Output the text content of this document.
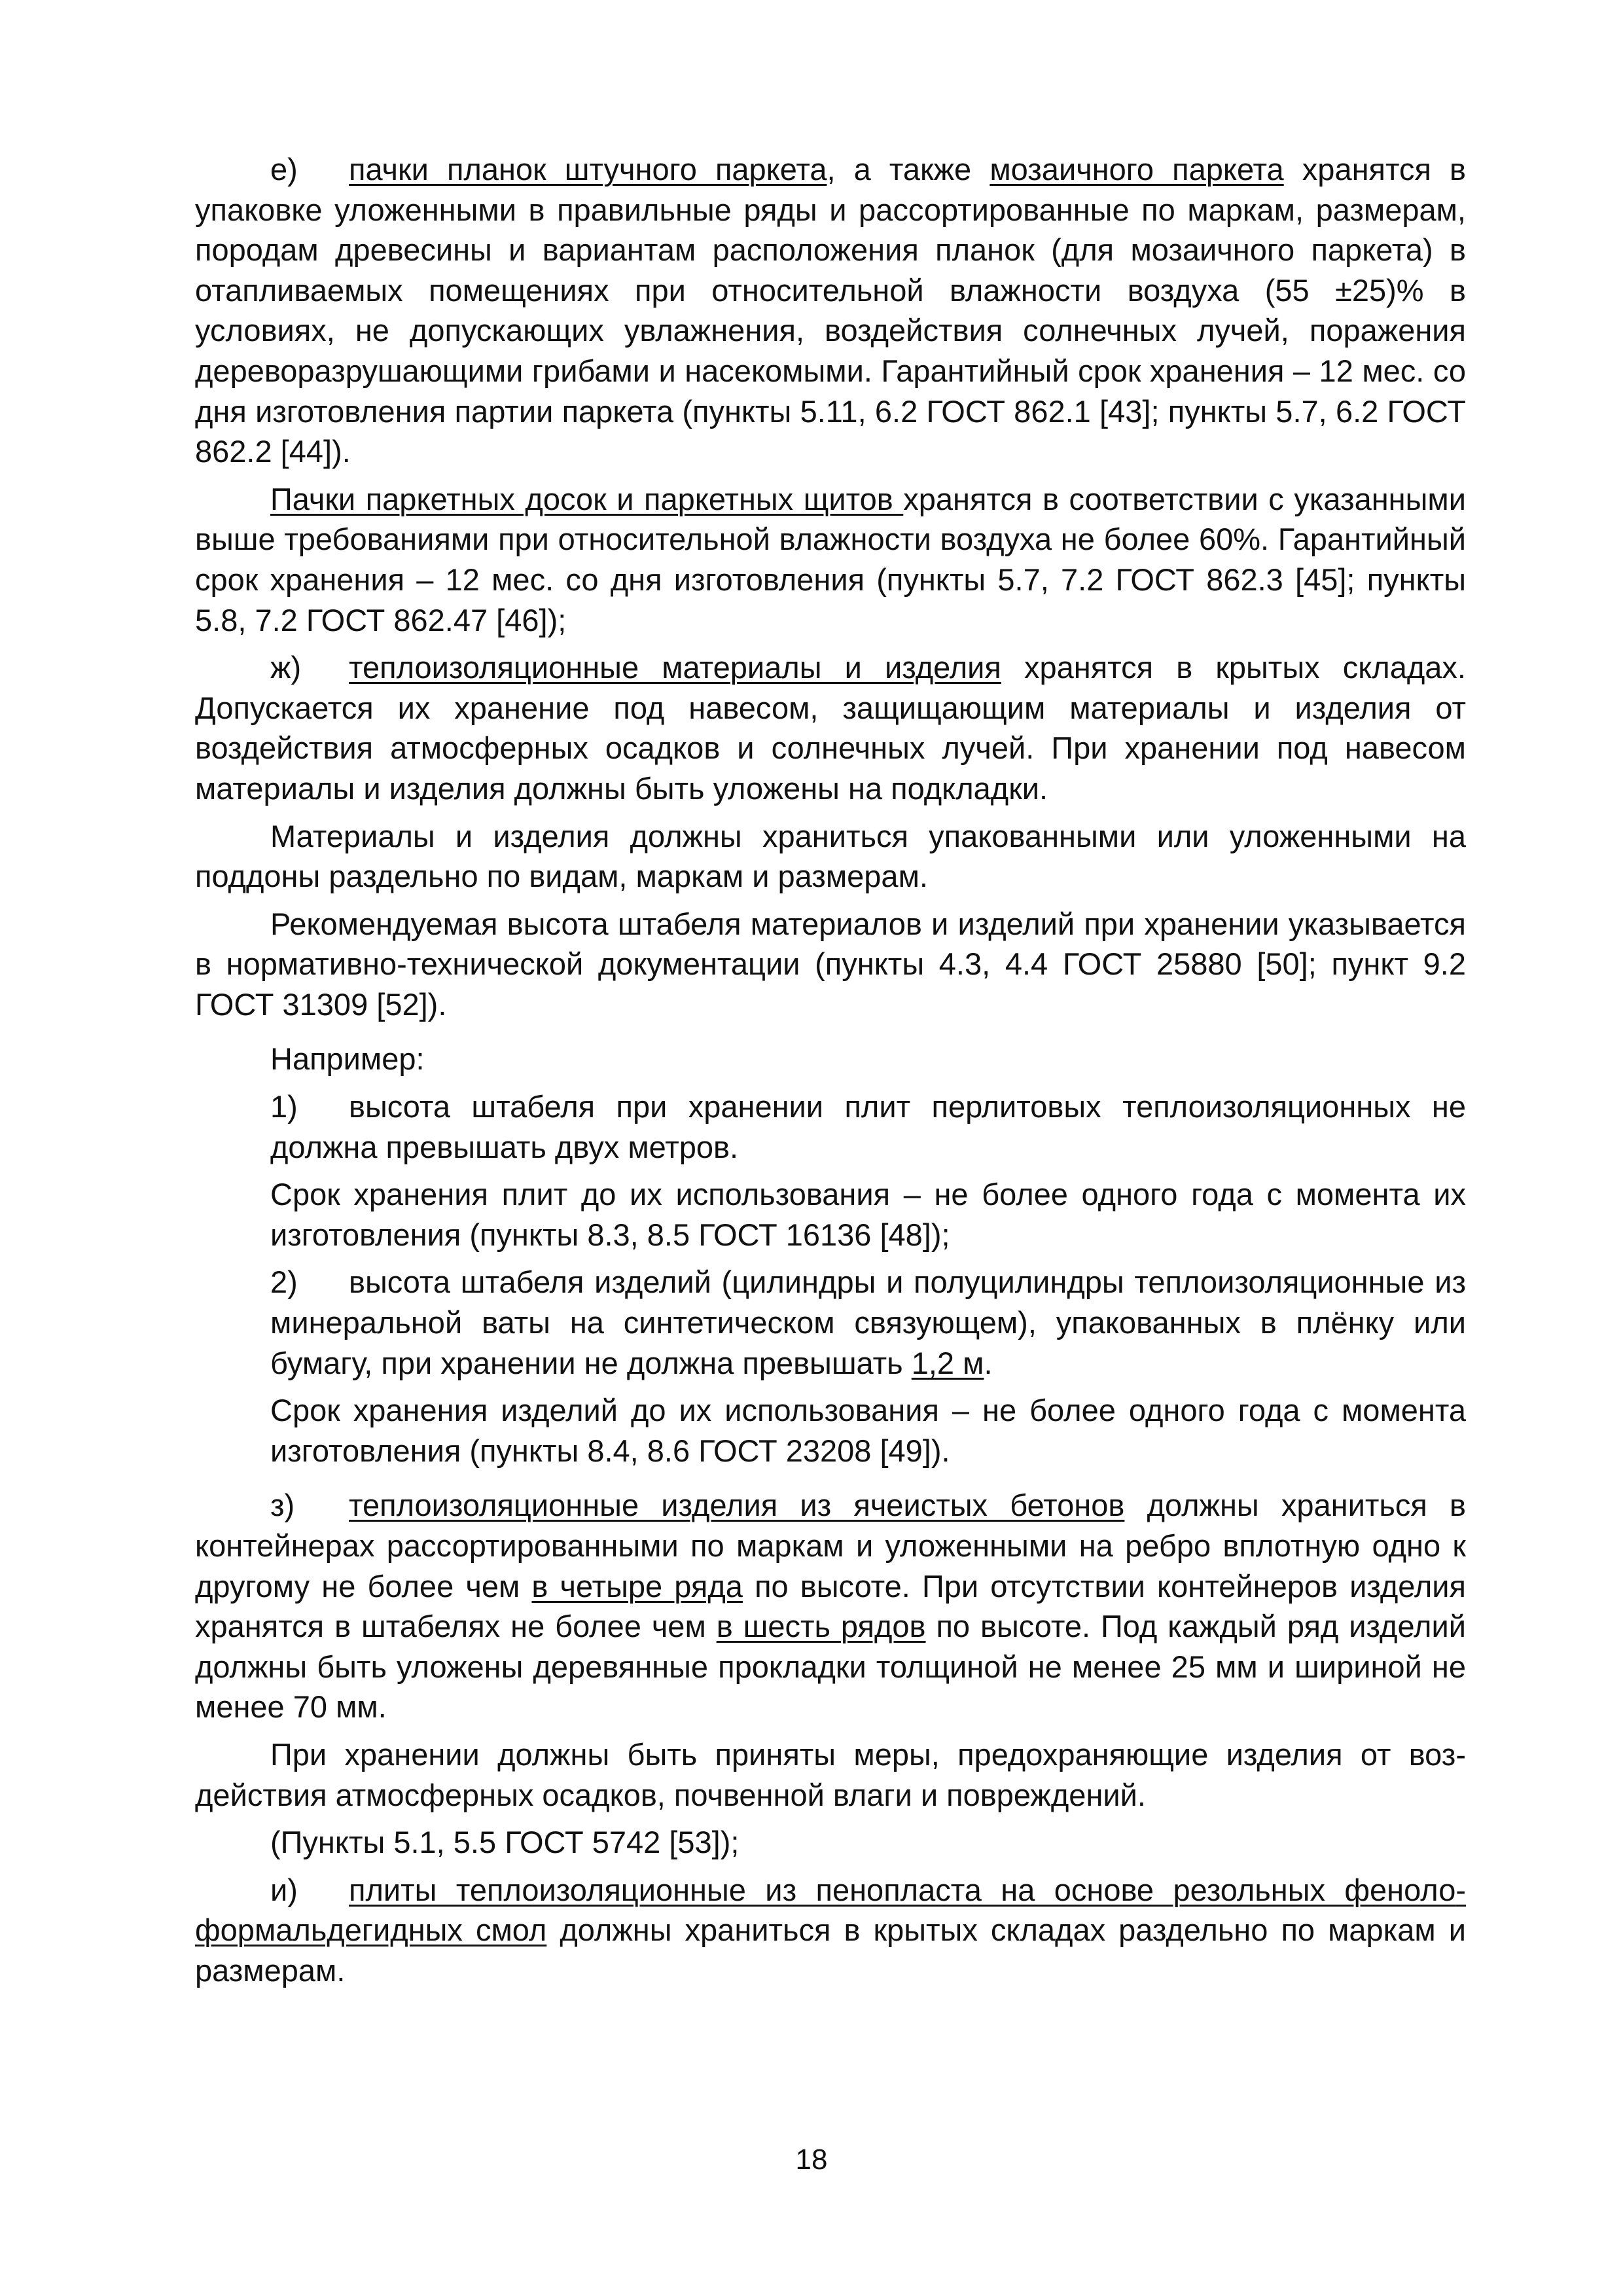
е) пачки планок штучного паркета, а также мозаичного паркета хранятся в упаковке уложенными в правильные ряды и рассортированные по маркам, размерам, породам древесины и вариантам расположения планок (для мозаичного паркета) в отапливаемых помещениях при относительной влажности воздуха (55 ±25)% в условиях, не допускающих увлажнения, воздействия солнечных лучей, поражения дереворазрушающими грибами и насекомыми. Гарантийный срок хранения – 12 мес. со дня изготовления партии паркета (пункты 5.11, 6.2 ГОСТ 862.1 [43]; пункты 5.7, 6.2 ГОСТ 862.2 [44]).

Пачки паркетных досок и паркетных щитов хранятся в соответствии с указанными выше требованиями при относительной влажности воздуха не более 60%. Гарантийный срок хранения – 12 мес. со дня изготовления (пункты 5.7, 7.2 ГОСТ 862.3 [45]; пункты 5.8, 7.2 ГОСТ 862.47 [46]);

ж) теплоизоляционные материалы и изделия хранятся в крытых складах. Допускается их хранение под навесом, защищающим материалы и изделия от воздействия атмосферных осадков и солнечных лучей. При хранении под навесом материалы и изделия должны быть уложены на подкладки.

Материалы и изделия должны храниться упакованными или уложенными на поддоны раздельно по видам, маркам и размерам.

Рекомендуемая высота штабеля материалов и изделий при хранении указывается в нормативно-технической документации (пункты 4.3, 4.4 ГОСТ 25880 [50]; пункт 9.2 ГОСТ 31309 [52]).

Например:

1) высота штабеля при хранении плит перлитовых теплоизоляционных не должна превышать двух метров.

Срок хранения плит до их использования – не более одного года с момента их изготовления (пункты 8.3, 8.5 ГОСТ 16136 [48]);

2) высота штабеля изделий (цилиндры и полуцилиндры теплоизоляционные из минеральной ваты на синтетическом связующем), упакованных в плёнку или бумагу, при хранении не должна превышать 1,2 м.

Срок хранения изделий до их использования – не более одного года с момента изготовления (пункты 8.4, 8.6 ГОСТ 23208 [49]).

з) теплоизоляционные изделия из ячеистых бетонов должны храниться в контейнерах рассортированными по маркам и уложенными на ребро вплотную одно к другому не более чем в четыре ряда по высоте. При отсутствии контейнеров изделия хранятся в штабелях не более чем в шесть рядов по высоте. Под каждый ряд изделий должны быть уложены деревянные прокладки толщиной не менее 25 мм и шириной не менее 70 мм.

При хранении должны быть приняты меры, предохраняющие изделия от воздействия атмосферных осадков, почвенной влаги и повреждений.

(Пункты 5.1, 5.5 ГОСТ 5742 [53]);

и) плиты теплоизоляционные из пенопласта на основе резольных фенолоформальдегидных смол должны храниться в крытых складах раздельно по маркам и размерам.

18
